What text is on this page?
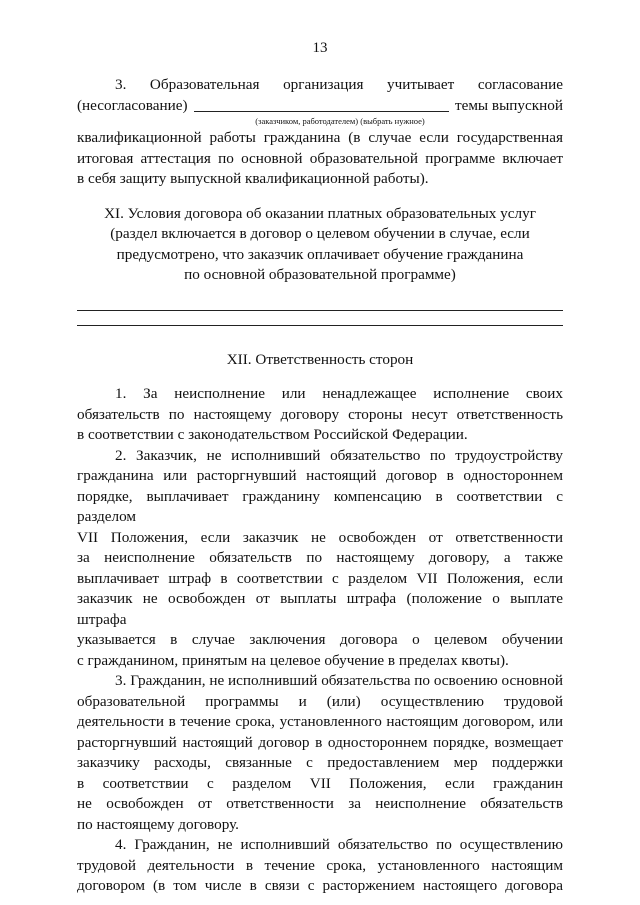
13
3. Образовательная организация учитывает согласование
(несогласование)	темы выпускной
(заказчиком, работодателем) (выбрать нужное)
квалификационной работы гражданина (в случае если государственная
итоговая аттестация по основной образовательной программе включает
в себя защиту выпускной квалификационной работы).
XI. Условия договора об оказании платных образовательных услуг
(раздел включается в договор о целевом обучении в случае, если
предусмотрено, что заказчик оплачивает обучение гражданина
по основной образовательной программе)
XII. Ответственность сторон
1. За неисполнение или ненадлежащее исполнение своих
обязательств по настоящему договору стороны несут ответственность
в соответствии с законодательством Российской Федерации.
2. Заказчик, не исполнивший обязательство по трудоустройству
гражданина или расторгнувший настоящий договор в одностороннем
порядке, выплачивает гражданину компенсацию в соответствии с разделом
VII Положения, если заказчик не освобожден от ответственности
за неисполнение обязательств по настоящему договору, а также
выплачивает штраф в соответствии с разделом VII Положения, если
заказчик не освобожден от выплаты штрафа (положение о выплате штрафа
указывается в случае заключения договора о целевом обучении
с гражданином, принятым на целевое обучение в пределах квоты).
3. Гражданин, не исполнивший обязательства по освоению основной
образовательной программы и (или) осуществлению трудовой
деятельности в течение срока, установленного настоящим договором, или
расторгнувший настоящий договор в одностороннем порядке, возмещает
заказчику расходы, связанные с предоставлением мер поддержки
в соответствии с разделом VII Положения, если гражданин
не освобожден от ответственности за неисполнение обязательств
по настоящему договору.
4. Гражданин, не исполнивший обязательство по осуществлению
трудовой деятельности в течение срока, установленного настоящим
договором (в том числе в связи с расторжением настоящего договора
